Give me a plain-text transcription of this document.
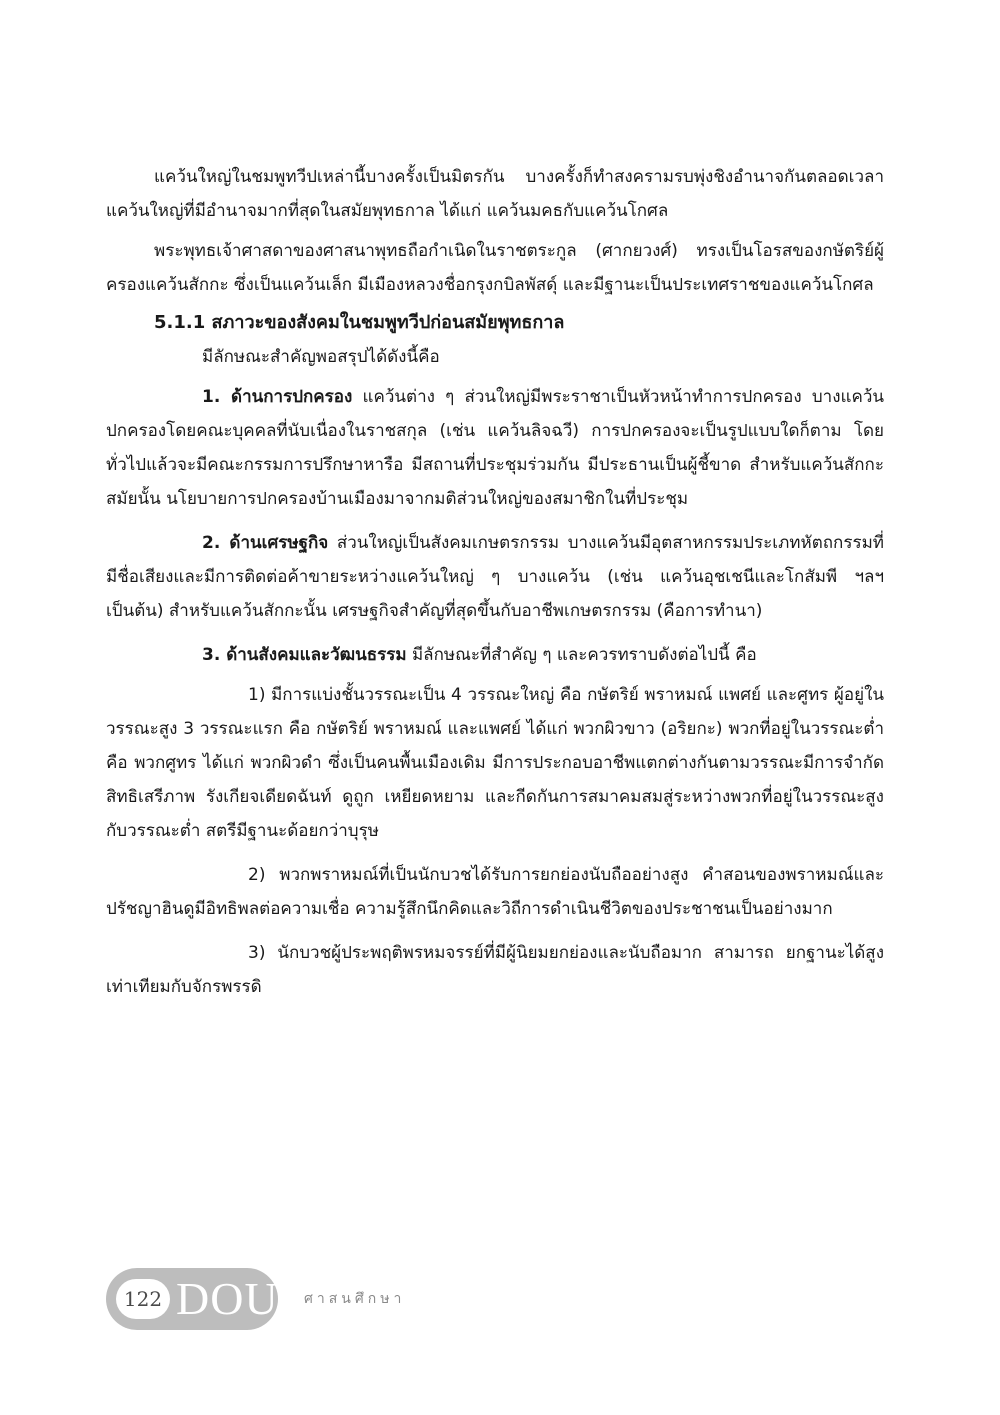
แคว้นใหญ่ในชมพูทวีปเหล่านี้บางครั้งเป็นมิตรกัน บางครั้งก็ทำสงครามรบพุ่งชิงอำนาจกันตลอดเวลา แคว้นใหญ่ที่มีอำนาจมากที่สุดในสมัยพุทธกาล ได้แก่ แคว้นมคธกับแคว้นโกศล

พระพุทธเจ้าศาสดาของศาสนาพุทธถือกำเนิดในราชตระกูล (ศากยวงศ์) ทรงเป็นโอรสของกษัตริย์ผู้ครองแคว้นสักกะ ซึ่งเป็นแคว้นเล็ก มีเมืองหลวงชื่อกรุงกบิลพัสดุ์ และมีฐานะเป็นประเทศราชของแคว้นโกศล

5.1.1 สภาวะของสังคมในชมพูทวีปก่อนสมัยพุทธกาล

มีลักษณะสำคัญพอสรุปได้ดังนี้คือ

1. ด้านการปกครอง แคว้นต่าง ๆ ส่วนใหญ่มีพระราชาเป็นหัวหน้าทำการปกครอง บางแคว้นปกครองโดยคณะบุคคลที่นับเนื่องในราชสกุล (เช่น แคว้นลิจฉวี) การปกครองจะเป็นรูปแบบใดก็ตาม โดยทั่วไปแล้วจะมีคณะกรรมการปรึกษาหารือ มีสถานที่ประชุมร่วมกัน มีประธานเป็นผู้ชี้ขาด สำหรับแคว้นสักกะสมัยนั้น นโยบายการปกครองบ้านเมืองมาจากมติส่วนใหญ่ของสมาชิกในที่ประชุม

2. ด้านเศรษฐกิจ ส่วนใหญ่เป็นสังคมเกษตรกรรม บางแคว้นมีอุตสาหกรรมประเภทหัตถกรรมที่มีชื่อเสียงและมีการติดต่อค้าขายระหว่างแคว้นใหญ่ ๆ บางแคว้น (เช่น แคว้นอุชเชนีและโกสัมพี ฯลฯ เป็นต้น) สำหรับแคว้นสักกะนั้น เศรษฐกิจสำคัญที่สุดขึ้นกับอาชีพเกษตรกรรม (คือการทำนา)

3. ด้านสังคมและวัฒนธรรม มีลักษณะที่สำคัญ ๆ และควรทราบดังต่อไปนี้ คือ

1) มีการแบ่งชั้นวรรณะเป็น 4 วรรณะใหญ่ คือ กษัตริย์ พราหมณ์ แพศย์ และศูทร ผู้อยู่ในวรรณะสูง 3 วรรณะแรก คือ กษัตริย์ พราหมณ์ และแพศย์ ได้แก่ พวกผิวขาว (อริยกะ) พวกที่อยู่ในวรรณะต่ำ คือ พวกศูทร ได้แก่ พวกผิวดำ ซึ่งเป็นคนพื้นเมืองเดิม มีการประกอบอาชีพแตกต่างกันตามวรรณะมีการจำกัดสิทธิเสรีภาพ รังเกียจเดียดฉันท์ ดูถูก เหยียดหยาม และกีดกันการสมาคมสมสู่ระหว่างพวกที่อยู่ในวรรณะสูงกับวรรณะต่ำ สตรีมีฐานะด้อยกว่าบุรุษ

2) พวกพราหมณ์ที่เป็นนักบวชได้รับการยกย่องนับถืออย่างสูง คำสอนของพราหมณ์และปรัชญาฮินดูมีอิทธิพลต่อความเชื่อ ความรู้สึกนึกคิดและวิถีการดำเนินชีวิตของประชาชนเป็นอย่างมาก

3) นักบวชผู้ประพฤติพรหมจรรย์ที่มีผู้นิยมยกย่องและนับถือมาก สามารถ ยกฐานะได้สูงเท่าเทียมกับจักรพรรดิ

122 DOU ศาสนศึกษา
